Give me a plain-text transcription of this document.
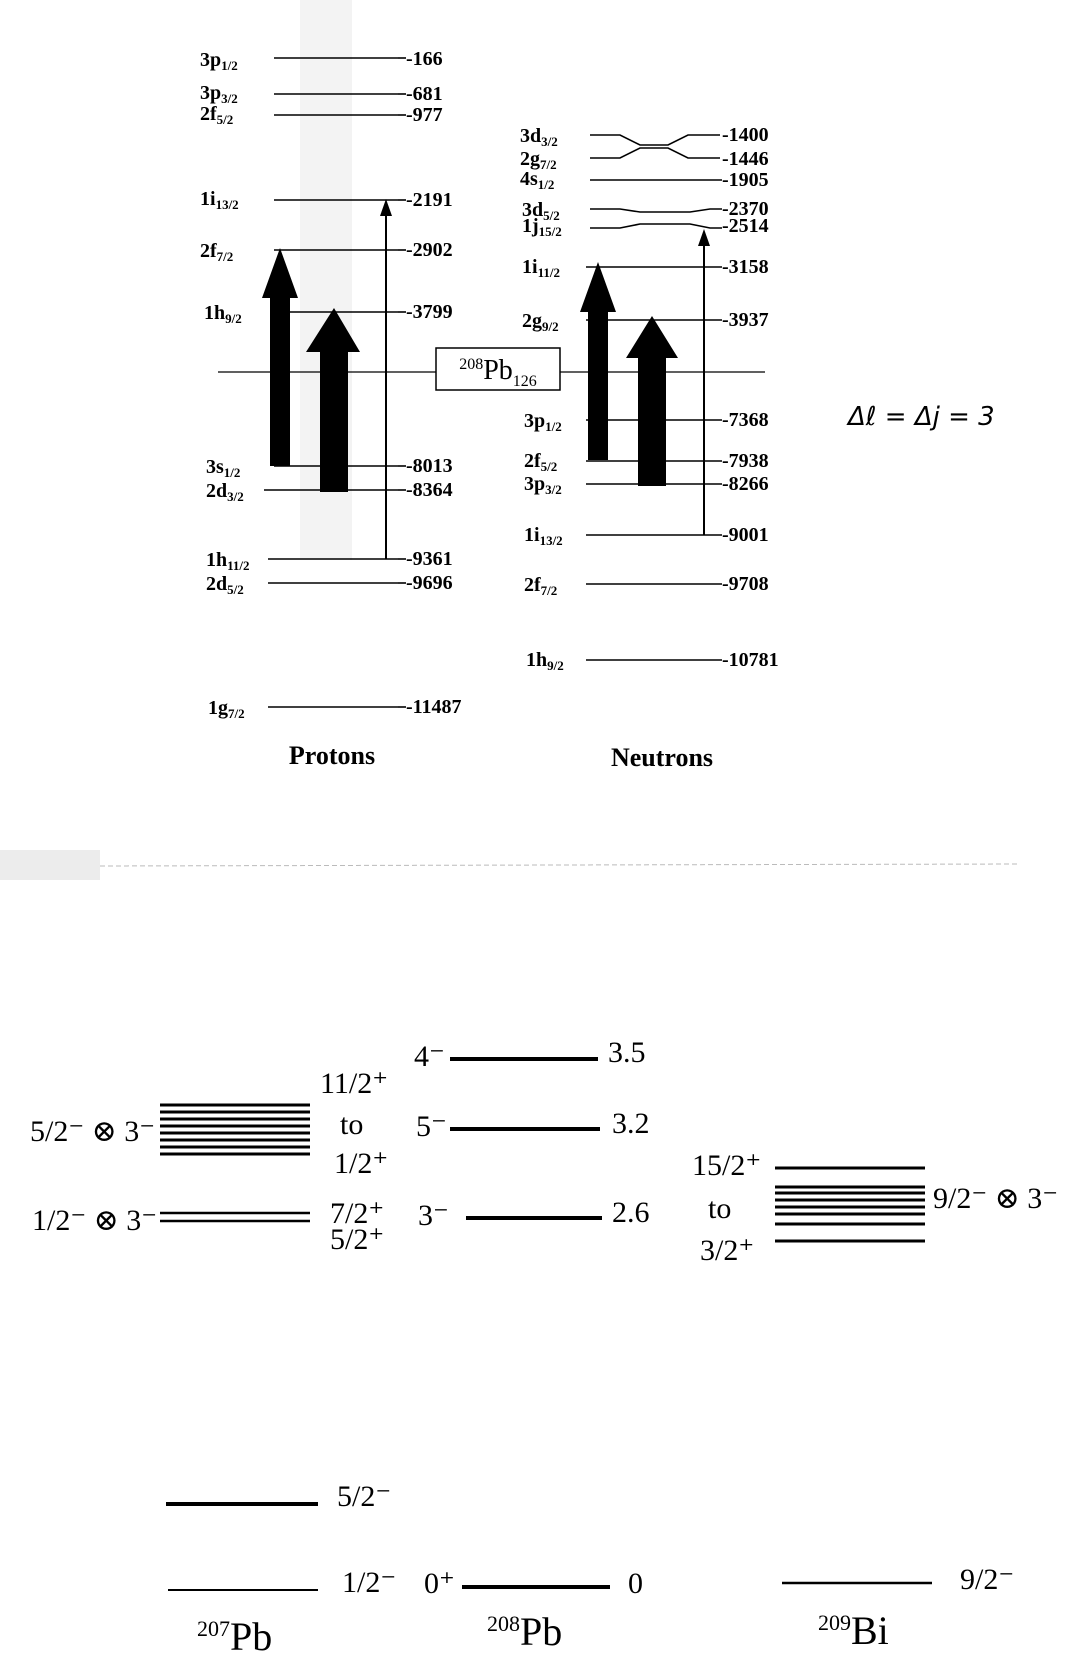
$^{208}Pb_{126}$
$3p_{1/2}$	-166
$3p_{3/2}$	-681
$2f_{5/2}$	-977
$1i_{13/2}$	-2191
$2f_{7/2}$	-2902
$1h_{9/2}$	-3799
$3s_{1/2}$	-8013
$2d_{3/2}$	-8364
$1h_{11/2}$	-9361
$2d_{5/2}$	-9696
$1g_{7/2}$	-11487
Protons
$3d_{3/2}$	-1400
$2g_{7/2}$	-1446
$4s_{1/2}$	-1905
$3d_{5/2}$	-2370
$1j_{15/2}$	-2514
$1i_{11/2}$	-3158
$2g_{9/2}$	-3937
$3p_{1/2}$	-7368
$2f_{5/2}$	-7938
$3p_{3/2}$	-8266
$1i_{13/2}$	-9001
$2f_{7/2}$	-9708
$1h_{9/2}$	-10781
Neutrons
Δℓ = Δj = 3
5/2⁻ ⊗ 3⁻
1/2⁻ ⊗ 3⁻
11/2⁺
to
1/2⁺
7/2⁺
5/2⁺
5/2⁻
1/2⁻
$^{207}$Pb
4⁻	3.5
5⁻	3.2
3⁻	2.6
0⁺	0
$^{208}$Pb
15/2⁺
to
3/2⁺
9/2⁻ ⊗ 3⁻
9/2⁻
$^{209}$Bi
